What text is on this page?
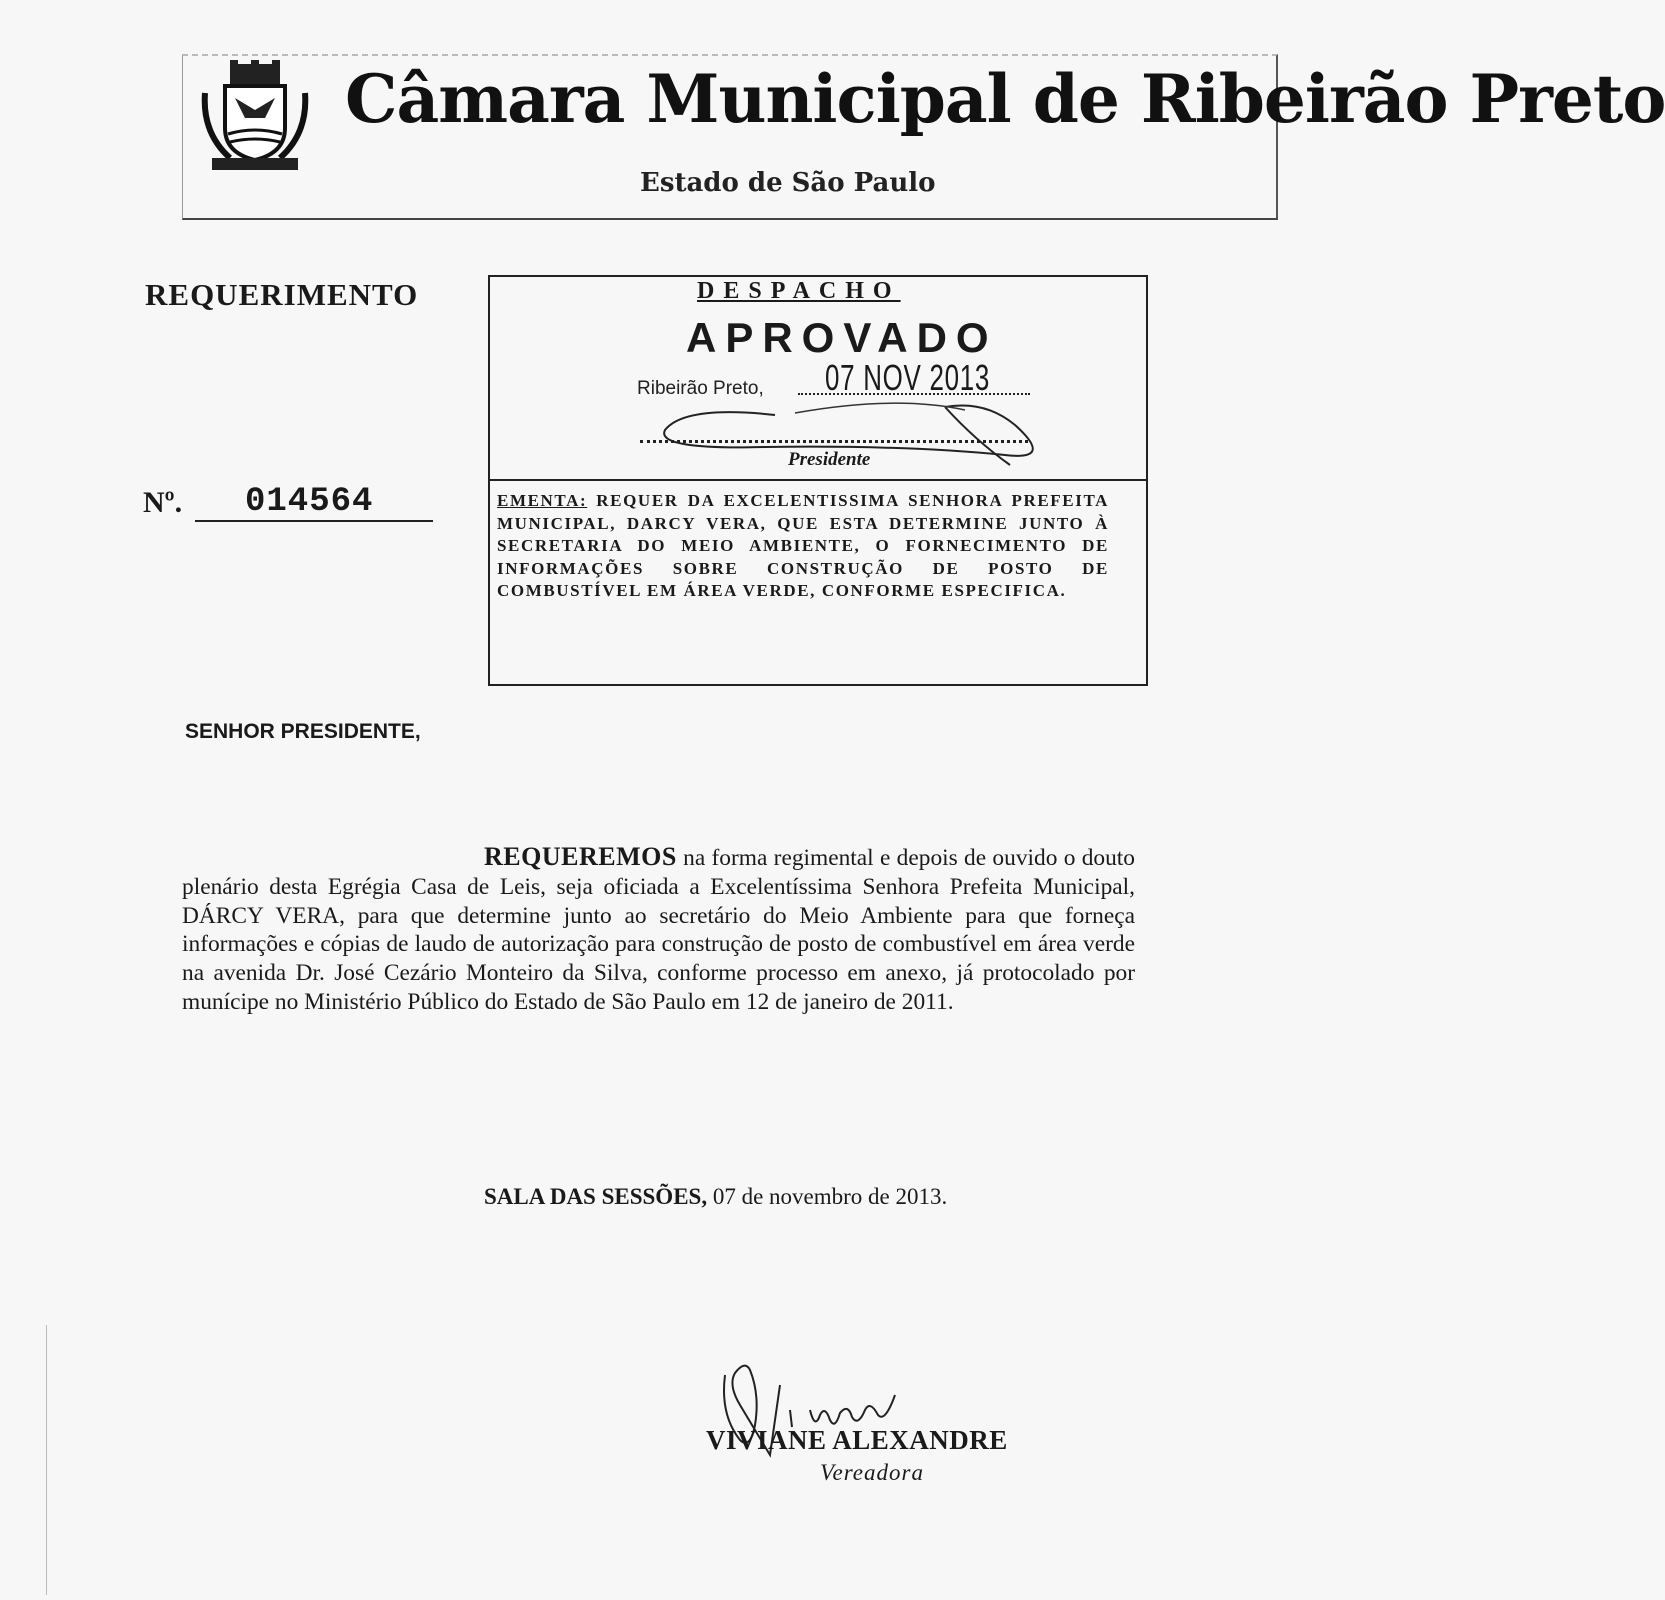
Câmara Municipal de Ribeirão Preto
Estado de São Paulo
REQUERIMENTO
Nº. 014564
DESPACHO
APROVADO
Ribeirão Preto, 07 NOV 2013
Presidente
EMENTA: REQUER DA EXCELENTISSIMA SENHORA PREFEITA MUNICIPAL, DARCY VERA, QUE ESTA DETERMINE JUNTO À SECRETARIA DO MEIO AMBIENTE, O FORNECIMENTO DE INFORMAÇÕES SOBRE CONSTRUÇÃO DE POSTO DE COMBUSTÍVEL EM ÁREA VERDE, CONFORME ESPECIFICA.
SENHOR PRESIDENTE,
REQUEREMOS na forma regimental e depois de ouvido o douto plenário desta Egrégia Casa de Leis, seja oficiada a Excelentíssima Senhora Prefeita Municipal, DÁRCY VERA, para que determine junto ao secretário do Meio Ambiente para que forneça informações e cópias de laudo de autorização para construção de posto de combustível em área verde na avenida Dr. José Cezário Monteiro da Silva, conforme processo em anexo, já protocolado por munícipe no Ministério Público do Estado de São Paulo em 12 de janeiro de 2011.
SALA DAS SESSÕES, 07 de novembro de 2013.
VIVIANE ALEXANDRE
Vereadora
